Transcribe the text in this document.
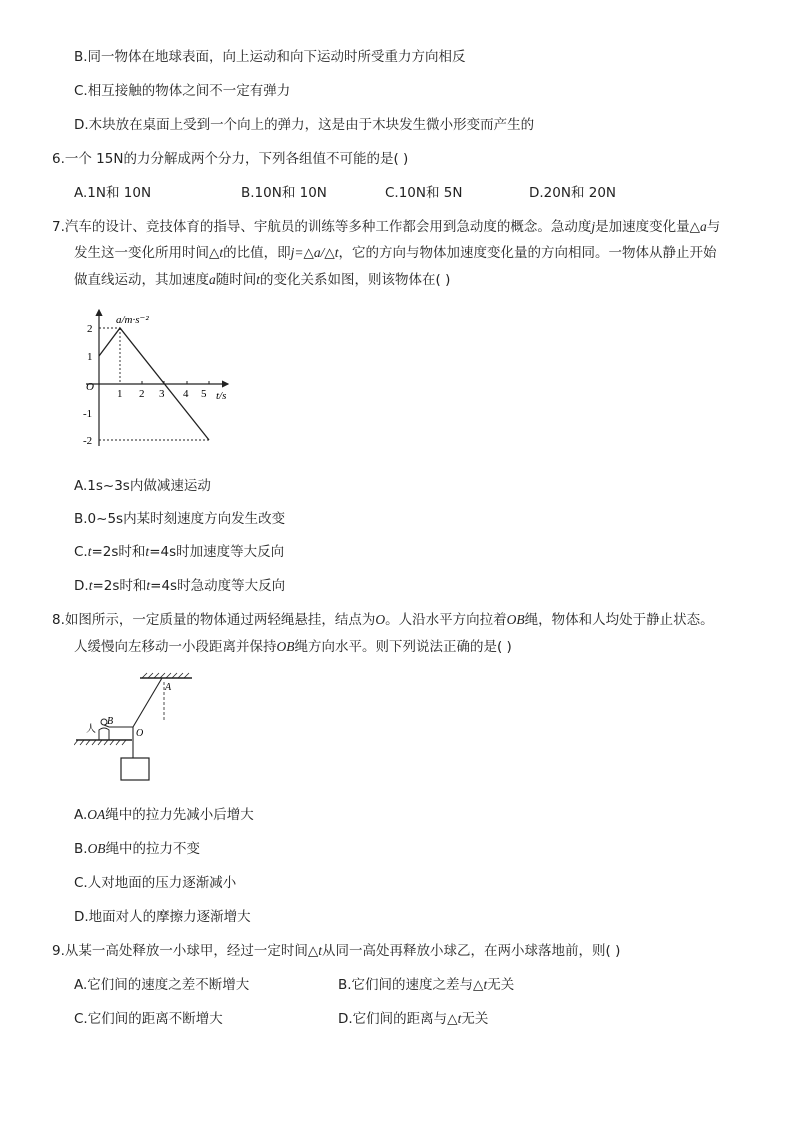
B.同一物体在地球表面，向上运动和向下运动时所受重力方向相反
C.相互接触的物体之间不一定有弹力
D.木块放在桌面上受到一个向上的弹力，这是由于木块发生微小形变而产生的
6.一个 15N的力分解成两个分力，下列各组值不可能的是( )
A.1N和 10N	B.10N和 10N	C.10N和 5N	D.20N和 20N
7.汽车的设计、竞技体育的指导、宇航员的训练等多种工作都会用到急动度的概念。急动度j是加速度变化量△a与
发生这一变化所用时间△t的比值，即j=△a/△t，它的方向与物体加速度变化量的方向相同。一物体从静止开始
做直线运动，其加速度a随时间t的变化关系如图，则该物体在( )
a/m·s⁻²
t/s
O
2
1
-1
-2
1 2 3 4 5
A.1s~3s内做减速运动
B.0~5s内某时刻速度方向发生改变
C.t=2s时和t=4s时加速度等大反向
D.t=2s时和t=4s时急动度等大反向
8.如图所示，一定质量的物体通过两轻绳悬挂，结点为O。人沿水平方向拉着OB绳，物体和人均处于静止状态。
人缓慢向左移动一小段距离并保持OB绳方向水平。则下列说法正确的是( )
人
B
A
O
A.OA绳中的拉力先减小后增大
B.OB绳中的拉力不变
C.人对地面的压力逐渐减小
D.地面对人的摩擦力逐渐增大
9.从某一高处释放一小球甲，经过一定时间△t从同一高处再释放小球乙，在两小球落地前，则( )
A.它们间的速度之差不断增大	B.它们间的速度之差与△t无关
C.它们间的距离不断增大	D.它们间的距离与△t无关
